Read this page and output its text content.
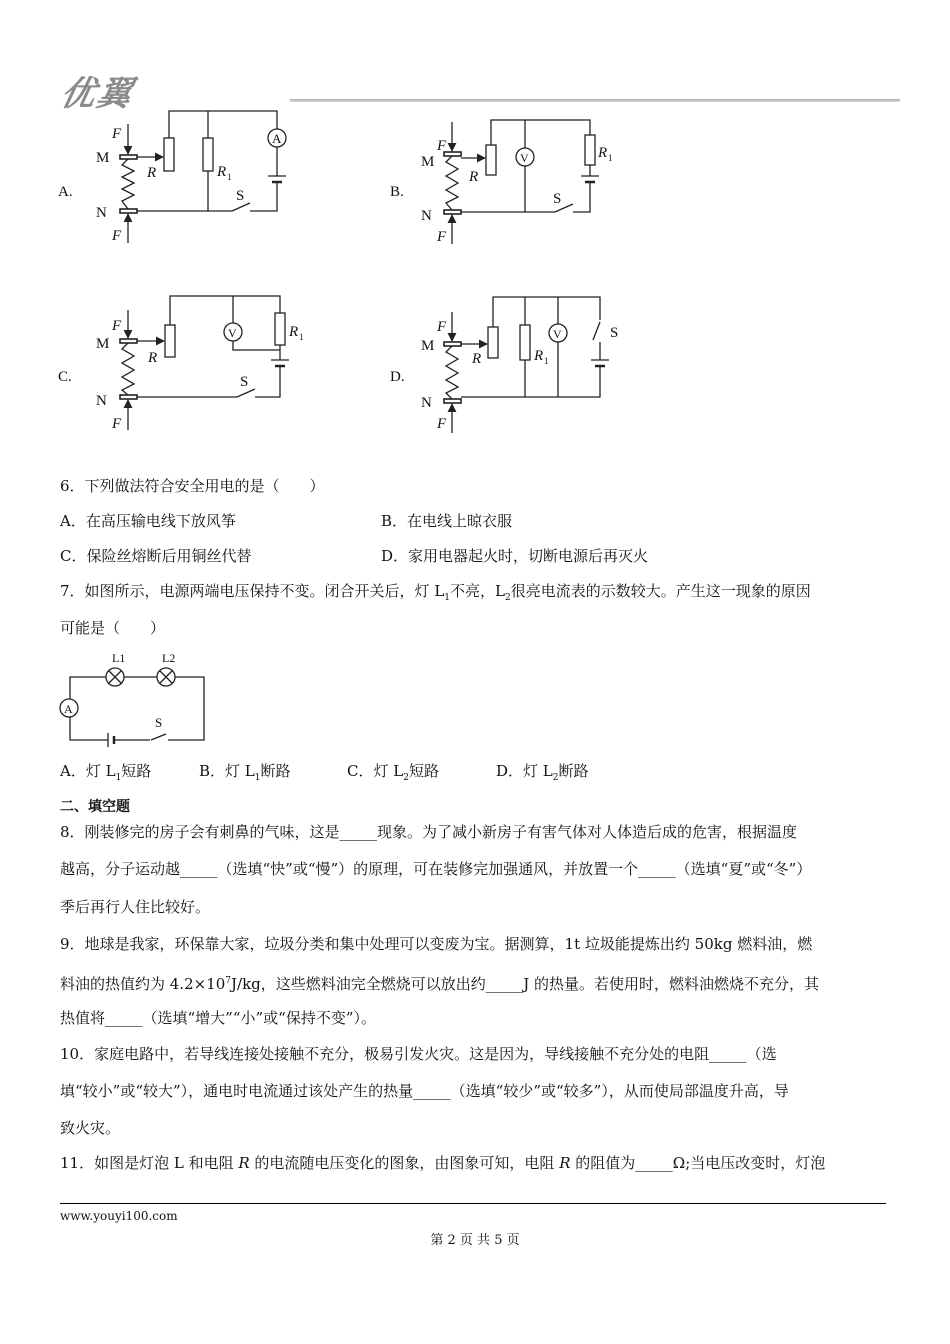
优翼
A.
F
M
R	R 1
A
S
N
F
B.
F
M
R
V	R 1
S
N
F
C.
F
M
R
V	R 1
S
N
F
D.
F
M
R	R 1
V	S
N
F
A
L1	L2
S
6．下列做法符合安全用电的是（　　）
A．在高压输电线下放风筝	B．在电线上晾衣服
C．保险丝熔断后用铜丝代替	D．家用电器起火时，切断电源后再灭火
7．如图所示，电源两端电压保持不变。闭合开关后，灯 $L_1$不亮，$L_2$很亮电流表的示数较大。产生这一现象的原因
可能是（　　）
A．灯 $L_1$短路	B．灯 $L_1$断路	C．灯 $L_2$短路	D．灯 $L_2$断路
二、填空题
8．刚装修完的房子会有刺鼻的气味，这是_____现象。为了减小新房子有害气体对人体造后成的危害，根据温度
越高，分子运动越_____（选填“快”或“慢”）的原理，可在装修完加强通风，并放置一个_____（选填“夏”或“冬”）
季后再行人住比较好。
9．地球是我家，环保靠大家，垃圾分类和集中处理可以变废为宝。据测算，1t 垃圾能提炼出约 50kg 燃料油，燃
料油的热值约为 $4.2\times 10^7J/kg$，这些燃料油完全燃烧可以放出约_____J 的热量。若使用时，燃料油燃烧不充分，其
热值将_____（选填“增大”“小”或“保持不变”）。
10．家庭电路中，若导线连接处接触不充分，极易引发火灾。这是因为，导线接触不充分处的电阻_____（选
填“较小”或“较大”），通电时电流通过该处产生的热量_____（选填“较少”或“较多”），从而使局部温度升高，导
致火灾。
11．如图是灯泡 L 和电阻 R 的电流随电压变化的图象，由图象可知，电阻 R 的阻值为_____Ω;当电压改变时，灯泡
www.youyi100.com
第 2 页 共 5 页
